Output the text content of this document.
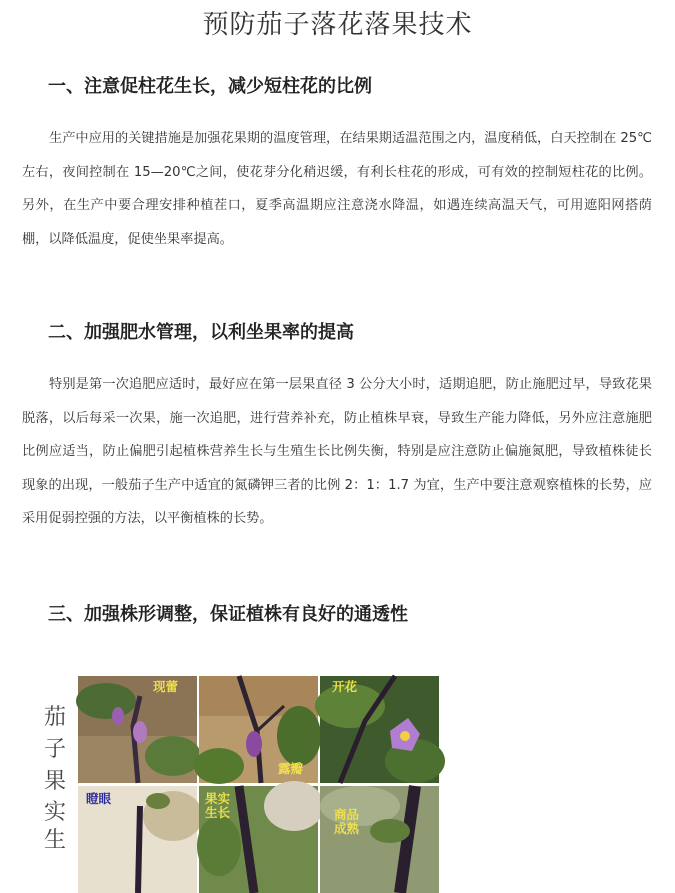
预防茄子落花落果技术
一、注意促柱花生长，减少短柱花的比例

生产中应用的关键措施是加强花果期的温度管理，在结果期适温范围之内，温度稍低，白天控制在 25℃左右，夜间控制在 15—20℃之间，使花芽分化稍迟缓，有利长柱花的形成，可有效的控制短柱花的比例。另外，在生产中要合理安排种植茬口，夏季高温期应注意浇水降温，如遇连续高温天气，可用遮阳网搭荫棚，以降低温度，促使坐果率提高。

二、加强肥水管理，以利坐果率的提高

特别是第一次追肥应适时，最好应在第一层果直径 3 公分大小时，适期追肥，防止施肥过早，导致花果脱落，以后每采一次果，施一次追肥，进行营养补充，防止植株早衰，导致生产能力降低，另外应注意施肥比例应适当，防止偏肥引起植株营养生长与生殖生长比例失衡，特别是应注意防止偏施氮肥，导致植株徒长现象的出现，一般茄子生产中适宜的氮磷钾三者的比例 2：1：1.7 为宜，生产中要注意观察植株的长势，应采用促弱控强的方法，以平衡植株的长势。

三、加强株形调整，保证植株有良好的通透性
茄
子
果
实
生
现蕾
露瓣
开花
瞪眼	果实
生长	商品
成熟
